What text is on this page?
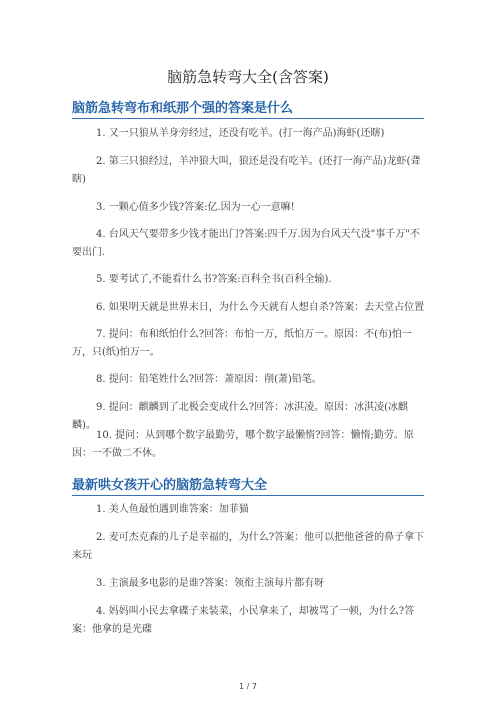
脑筋急转弯大全(含答案)
脑筋急转弯布和纸那个强的答案是什么
1. 又一只狼从羊身旁经过，还没有吃羊。(打一海产品)海虾(还瞎)
2. 第三只狼经过，羊冲狼大叫，狼还是没有吃羊。(还打一海产品)龙虾(聋瞎)
3. 一颗心值多少钱?答案:亿.因为一心一意嘛!
4. 台风天气要带多少钱才能出门?答案:四千万.因为台风天气没"事千万"不要出门.
5. 要考试了,不能看什么书?答案:百科全书(百科全输).
6. 如果明天就是世界末日，为什么今天就有人想自杀?答案：去天堂占位置
7. 提问：布和纸怕什么?回答：布怕一万，纸怕万一。原因：不(布)怕一万，只(纸)怕万一。
8. 提问：铅笔姓什么?回答：萧原因：削(萧)铅笔。
9. 提问：麒麟到了北极会变成什么?回答：冰淇凌。原因：冰淇凌(冰麒麟)。
10. 提问：从到哪个数字最勤劳，哪个数字最懒惰?回答：懒惰;勤劳。原因：一不做二不休。
最新哄女孩开心的脑筋急转弯大全
1. 美人鱼最怕遇到谁答案：加菲猫
2. 麦可杰克森的儿子是幸福的，为什么?答案：他可以把他爸爸的鼻子拿下来玩
3. 主演最多电影的是谁?答案：领衔主演每片都有呀
4. 妈妈叫小民去拿碟子来装菜，小民拿来了，却被骂了一顿，为什么?答案：他拿的是光碟
1 / 7
